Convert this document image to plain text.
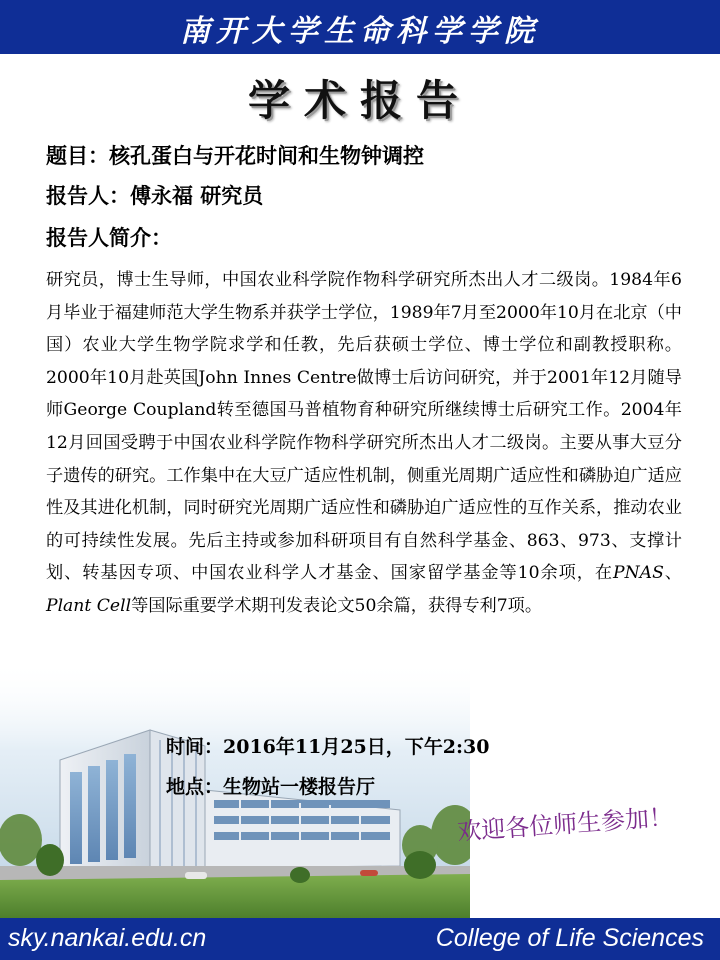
南开大学生命科学学院
学术报告
题目：核孔蛋白与开花时间和生物钟调控
报告人：傅永福 研究员
报告人简介：
研究员，博士生导师，中国农业科学院作物科学研究所杰出人才二级岗。1984年6月毕业于福建师范大学生物系并获学士学位，1989年7月至2000年10月在北京（中国）农业大学生物学院求学和任教，先后获硕士学位、博士学位和副教授职称。2000年10月赴英国John Innes Centre做博士后访问研究，并于2001年12月随导师George Coupland转至德国马普植物育种研究所继续博士后研究工作。2004年12月回国受聘于中国农业科学院作物科学研究所杰出人才二级岗。主要从事大豆分子遗传的研究。工作集中在大豆广适应性机制，侧重光周期广适应性和磷胁迫广适应性及其进化机制，同时研究光周期广适应性和磷胁迫广适应性的互作关系，推动农业的可持续性发展。先后主持或参加科研项目有自然科学基金、863、973、支撑计划、转基因专项、中国农业科学人才基金、国家留学基金等10余项，在PNAS、Plant Cell等国际重要学术期刊发表论文50余篇，获得专利7项。
时间：2016年11月25日，下午2:30
地点：生物站一楼报告厅
欢迎各位师生参加！
sky.nankai.edu.cn	College of Life Sciences
